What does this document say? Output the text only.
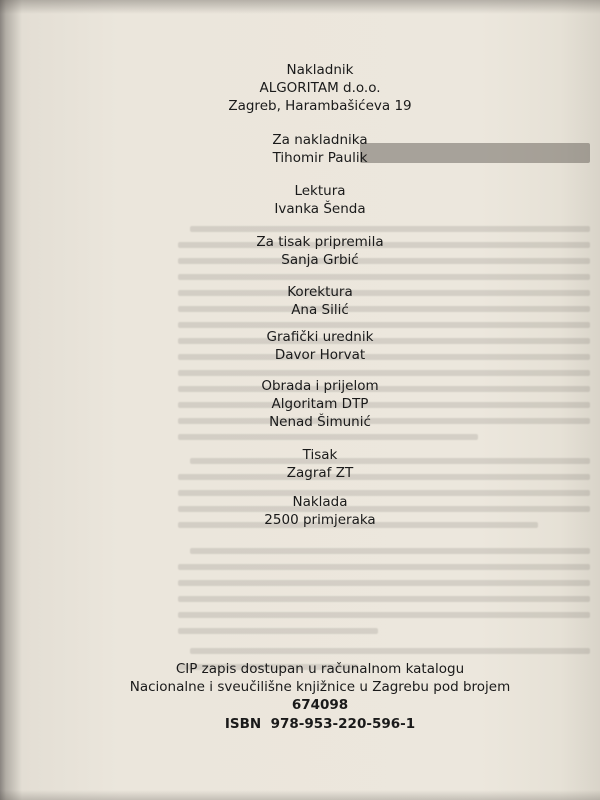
Nakladnik
ALGORITAM d.o.o.
Zagreb, Harambašićeva 19
Za nakladnika
Tihomir Paulik
Lektura
Ivanka Šenda
Za tisak pripremila
Sanja Grbić
Korektura
Ana Silić
Grafički urednik
Davor Horvat
Obrada i prijelom
Algoritam DTP
Nenad Šimunić
Tisak
Zagraf ZT
Naklada
2500 primjeraka
CIP zapis dostupan u računalnom katalogu
Nacionalne i sveučilišne knjižnice u Zagrebu pod brojem
674098
ISBN  978-953-220-596-1
